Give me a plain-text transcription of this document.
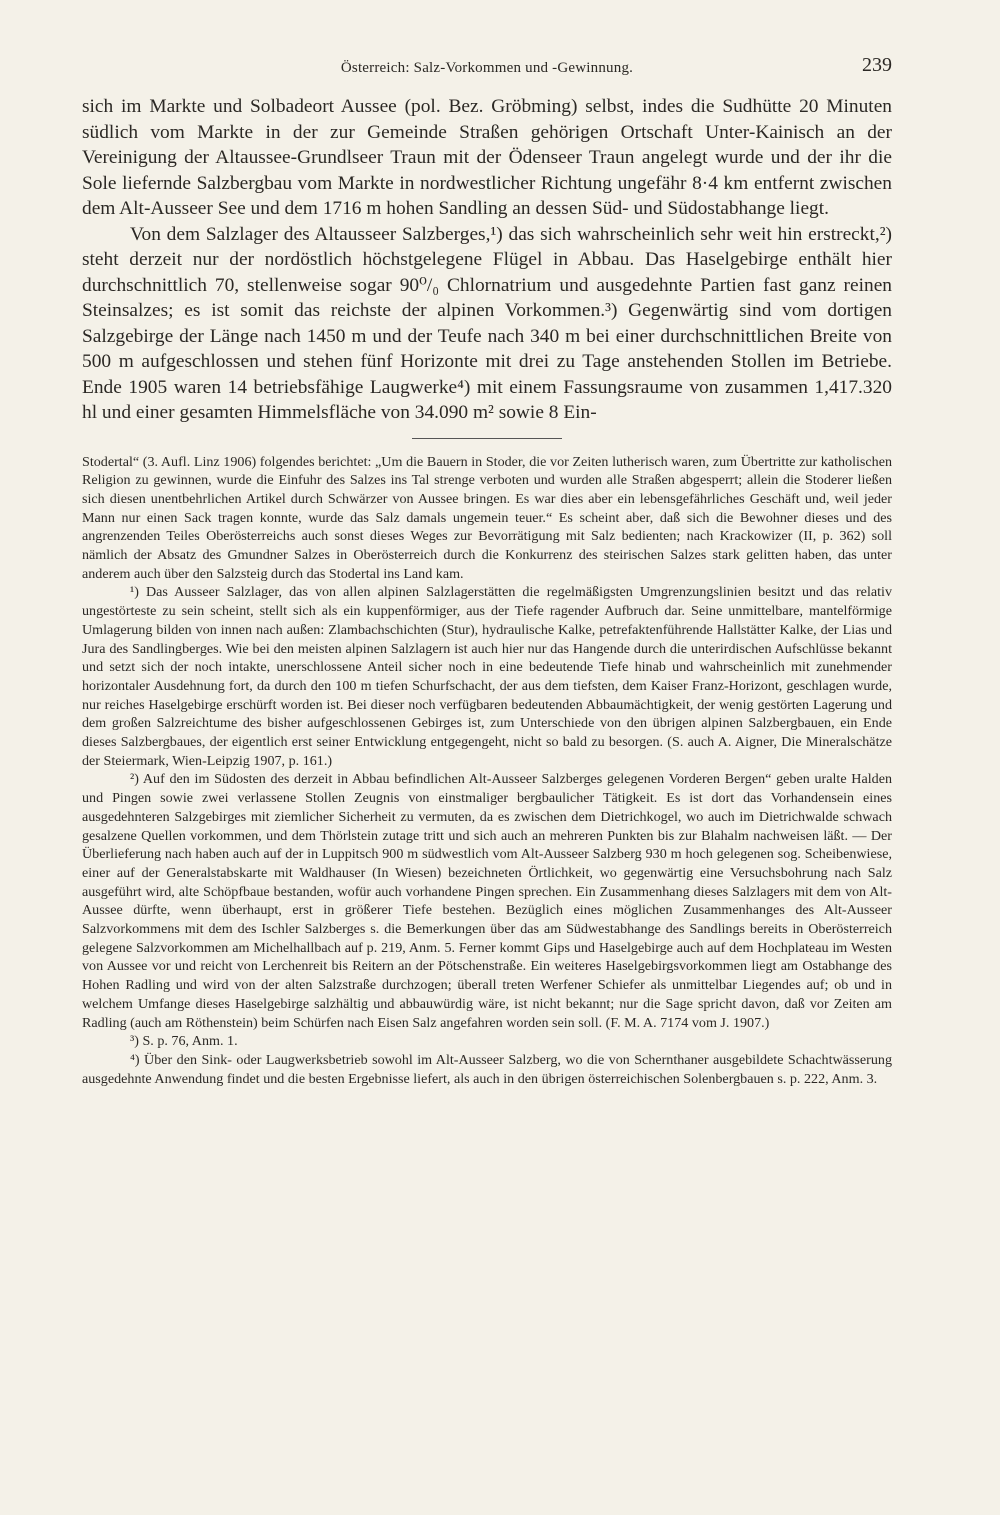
Österreich: Salz-Vorkommen und -Gewinnung.	239

sich im Markte und Solbadeort Aussee (pol. Bez. Gröbming) selbst, indes die Sudhütte 20 Minuten südlich vom Markte in der zur Gemeinde Straßen gehörigen Ortschaft Unter-Kainisch an der Vereinigung der Altaussee-Grundlseer Traun mit der Ödenseer Traun angelegt wurde und der ihr die Sole liefernde Salzbergbau vom Markte in nordwestlicher Richtung ungefähr 8·4 km entfernt zwischen dem Alt-Ausseer See und dem 1716 m hohen Sandling an dessen Süd- und Südostabhange liegt.

Von dem Salzlager des Altausseer Salzberges,¹) das sich wahrscheinlich sehr weit hin erstreckt,²) steht derzeit nur der nordöstlich höchstgelegene Flügel in Abbau. Das Haselgebirge enthält hier durchschnittlich 70, stellenweise sogar 90⁰/₀ Chlornatrium und ausgedehnte Partien fast ganz reinen Steinsalzes; es ist somit das reichste der alpinen Vorkommen.³) Gegenwärtig sind vom dortigen Salzgebirge der Länge nach 1450 m und der Teufe nach 340 m bei einer durchschnittlichen Breite von 500 m aufgeschlossen und stehen fünf Horizonte mit drei zu Tage anstehenden Stollen im Betriebe. Ende 1905 waren 14 betriebsfähige Laugwerke⁴) mit einem Fassungsraume von zusammen 1,417.320 hl und einer gesamten Himmelsfläche von 34.090 m² sowie 8 Ein-

Stodertal“ (3. Aufl. Linz 1906) folgendes berichtet: „Um die Bauern in Stoder, die vor Zeiten lutherisch waren, zum Übertritte zur katholischen Religion zu gewinnen, wurde die Einfuhr des Salzes ins Tal strenge verboten und wurden alle Straßen abgesperrt; allein die Stoderer ließen sich diesen unentbehrlichen Artikel durch Schwärzer von Aussee bringen. Es war dies aber ein lebensgefährliches Geschäft und, weil jeder Mann nur einen Sack tragen konnte, wurde das Salz damals ungemein teuer.“ Es scheint aber, daß sich die Bewohner dieses und des angrenzenden Teiles Oberösterreichs auch sonst dieses Weges zur Bevorrätigung mit Salz bedienten; nach Krackowizer (II, p. 362) soll nämlich der Absatz des Gmundner Salzes in Oberösterreich durch die Konkurrenz des steirischen Salzes stark gelitten haben, das unter anderem auch über den Salzsteig durch das Stodertal ins Land kam.

¹) Das Ausseer Salzlager, das von allen alpinen Salzlagerstätten die regelmäßigsten Umgrenzungslinien besitzt und das relativ ungestörteste zu sein scheint, stellt sich als ein kuppenförmiger, aus der Tiefe ragender Aufbruch dar. Seine unmittelbare, mantelförmige Umlagerung bilden von innen nach außen: Zlambachschichten (Stur), hydraulische Kalke, petrefaktenführende Hallstätter Kalke, der Lias und Jura des Sandlingberges. Wie bei den meisten alpinen Salzlagern ist auch hier nur das Hangende durch die unterirdischen Aufschlüsse bekannt und setzt sich der noch intakte, unerschlossene Anteil sicher noch in eine bedeutende Tiefe hinab und wahrscheinlich mit zunehmender horizontaler Ausdehnung fort, da durch den 100 m tiefen Schurfschacht, der aus dem tiefsten, dem Kaiser Franz-Horizont, geschlagen wurde, nur reiches Haselgebirge erschürft worden ist. Bei dieser noch verfügbaren bedeutenden Abbaumächtigkeit, der wenig gestörten Lagerung und dem großen Salzreichtume des bisher aufgeschlossenen Gebirges ist, zum Unterschiede von den übrigen alpinen Salzbergbauen, ein Ende dieses Salzbergbaues, der eigentlich erst seiner Entwicklung entgegengeht, nicht so bald zu besorgen. (S. auch A. Aigner, Die Mineralschätze der Steiermark, Wien-Leipzig 1907, p. 161.)

²) Auf den im Südosten des derzeit in Abbau befindlichen Alt-Ausseer Salzberges gelegenen Vorderen Bergen“ geben uralte Halden und Pingen sowie zwei verlassene Stollen Zeugnis von einstmaliger bergbaulicher Tätigkeit. Es ist dort das Vorhandensein eines ausgedehnteren Salzgebirges mit ziemlicher Sicherheit zu vermuten, da es zwischen dem Dietrichkogel, wo auch im Dietrichwalde schwach gesalzene Quellen vorkommen, und dem Thörlstein zutage tritt und sich auch an mehreren Punkten bis zur Blahalm nachweisen läßt. — Der Überlieferung nach haben auch auf der in Luppitsch 900 m südwestlich vom Alt-Ausseer Salzberg 930 m hoch gelegenen sog. Scheibenwiese, einer auf der Generalstabskarte mit Waldhauser (In Wiesen) bezeichneten Örtlichkeit, wo gegenwärtig eine Versuchsbohrung nach Salz ausgeführt wird, alte Schöpfbaue bestanden, wofür auch vorhandene Pingen sprechen. Ein Zusammenhang dieses Salzlagers mit dem von Alt-Aussee dürfte, wenn überhaupt, erst in größerer Tiefe bestehen. Bezüglich eines möglichen Zusammenhanges des Alt-Ausseer Salzvorkommens mit dem des Ischler Salzberges s. die Bemerkungen über das am Südwestabhange des Sandlings bereits in Oberösterreich gelegene Salzvorkommen am Michelhallbach auf p. 219, Anm. 5. Ferner kommt Gips und Haselgebirge auch auf dem Hochplateau im Westen von Aussee vor und reicht von Lerchenreit bis Reitern an der Pötschenstraße. Ein weiteres Haselgebirgsvorkommen liegt am Ostabhange des Hohen Radling und wird von der alten Salzstraße durchzogen; überall treten Werfener Schiefer als unmittelbar Liegendes auf; ob und in welchem Umfange dieses Haselgebirge salzhältig und abbauwürdig wäre, ist nicht bekannt; nur die Sage spricht davon, daß vor Zeiten am Radling (auch am Röthenstein) beim Schürfen nach Eisen Salz angefahren worden sein soll. (F. M. A. 7174 vom J. 1907.)

³) S. p. 76, Anm. 1.

⁴) Über den Sink- oder Laugwerksbetrieb sowohl im Alt-Ausseer Salzberg, wo die von Schernthaner ausgebildete Schachtwässerung ausgedehnte Anwendung findet und die besten Ergebnisse liefert, als auch in den übrigen österreichischen Solenbergbauen s. p. 222, Anm. 3.
